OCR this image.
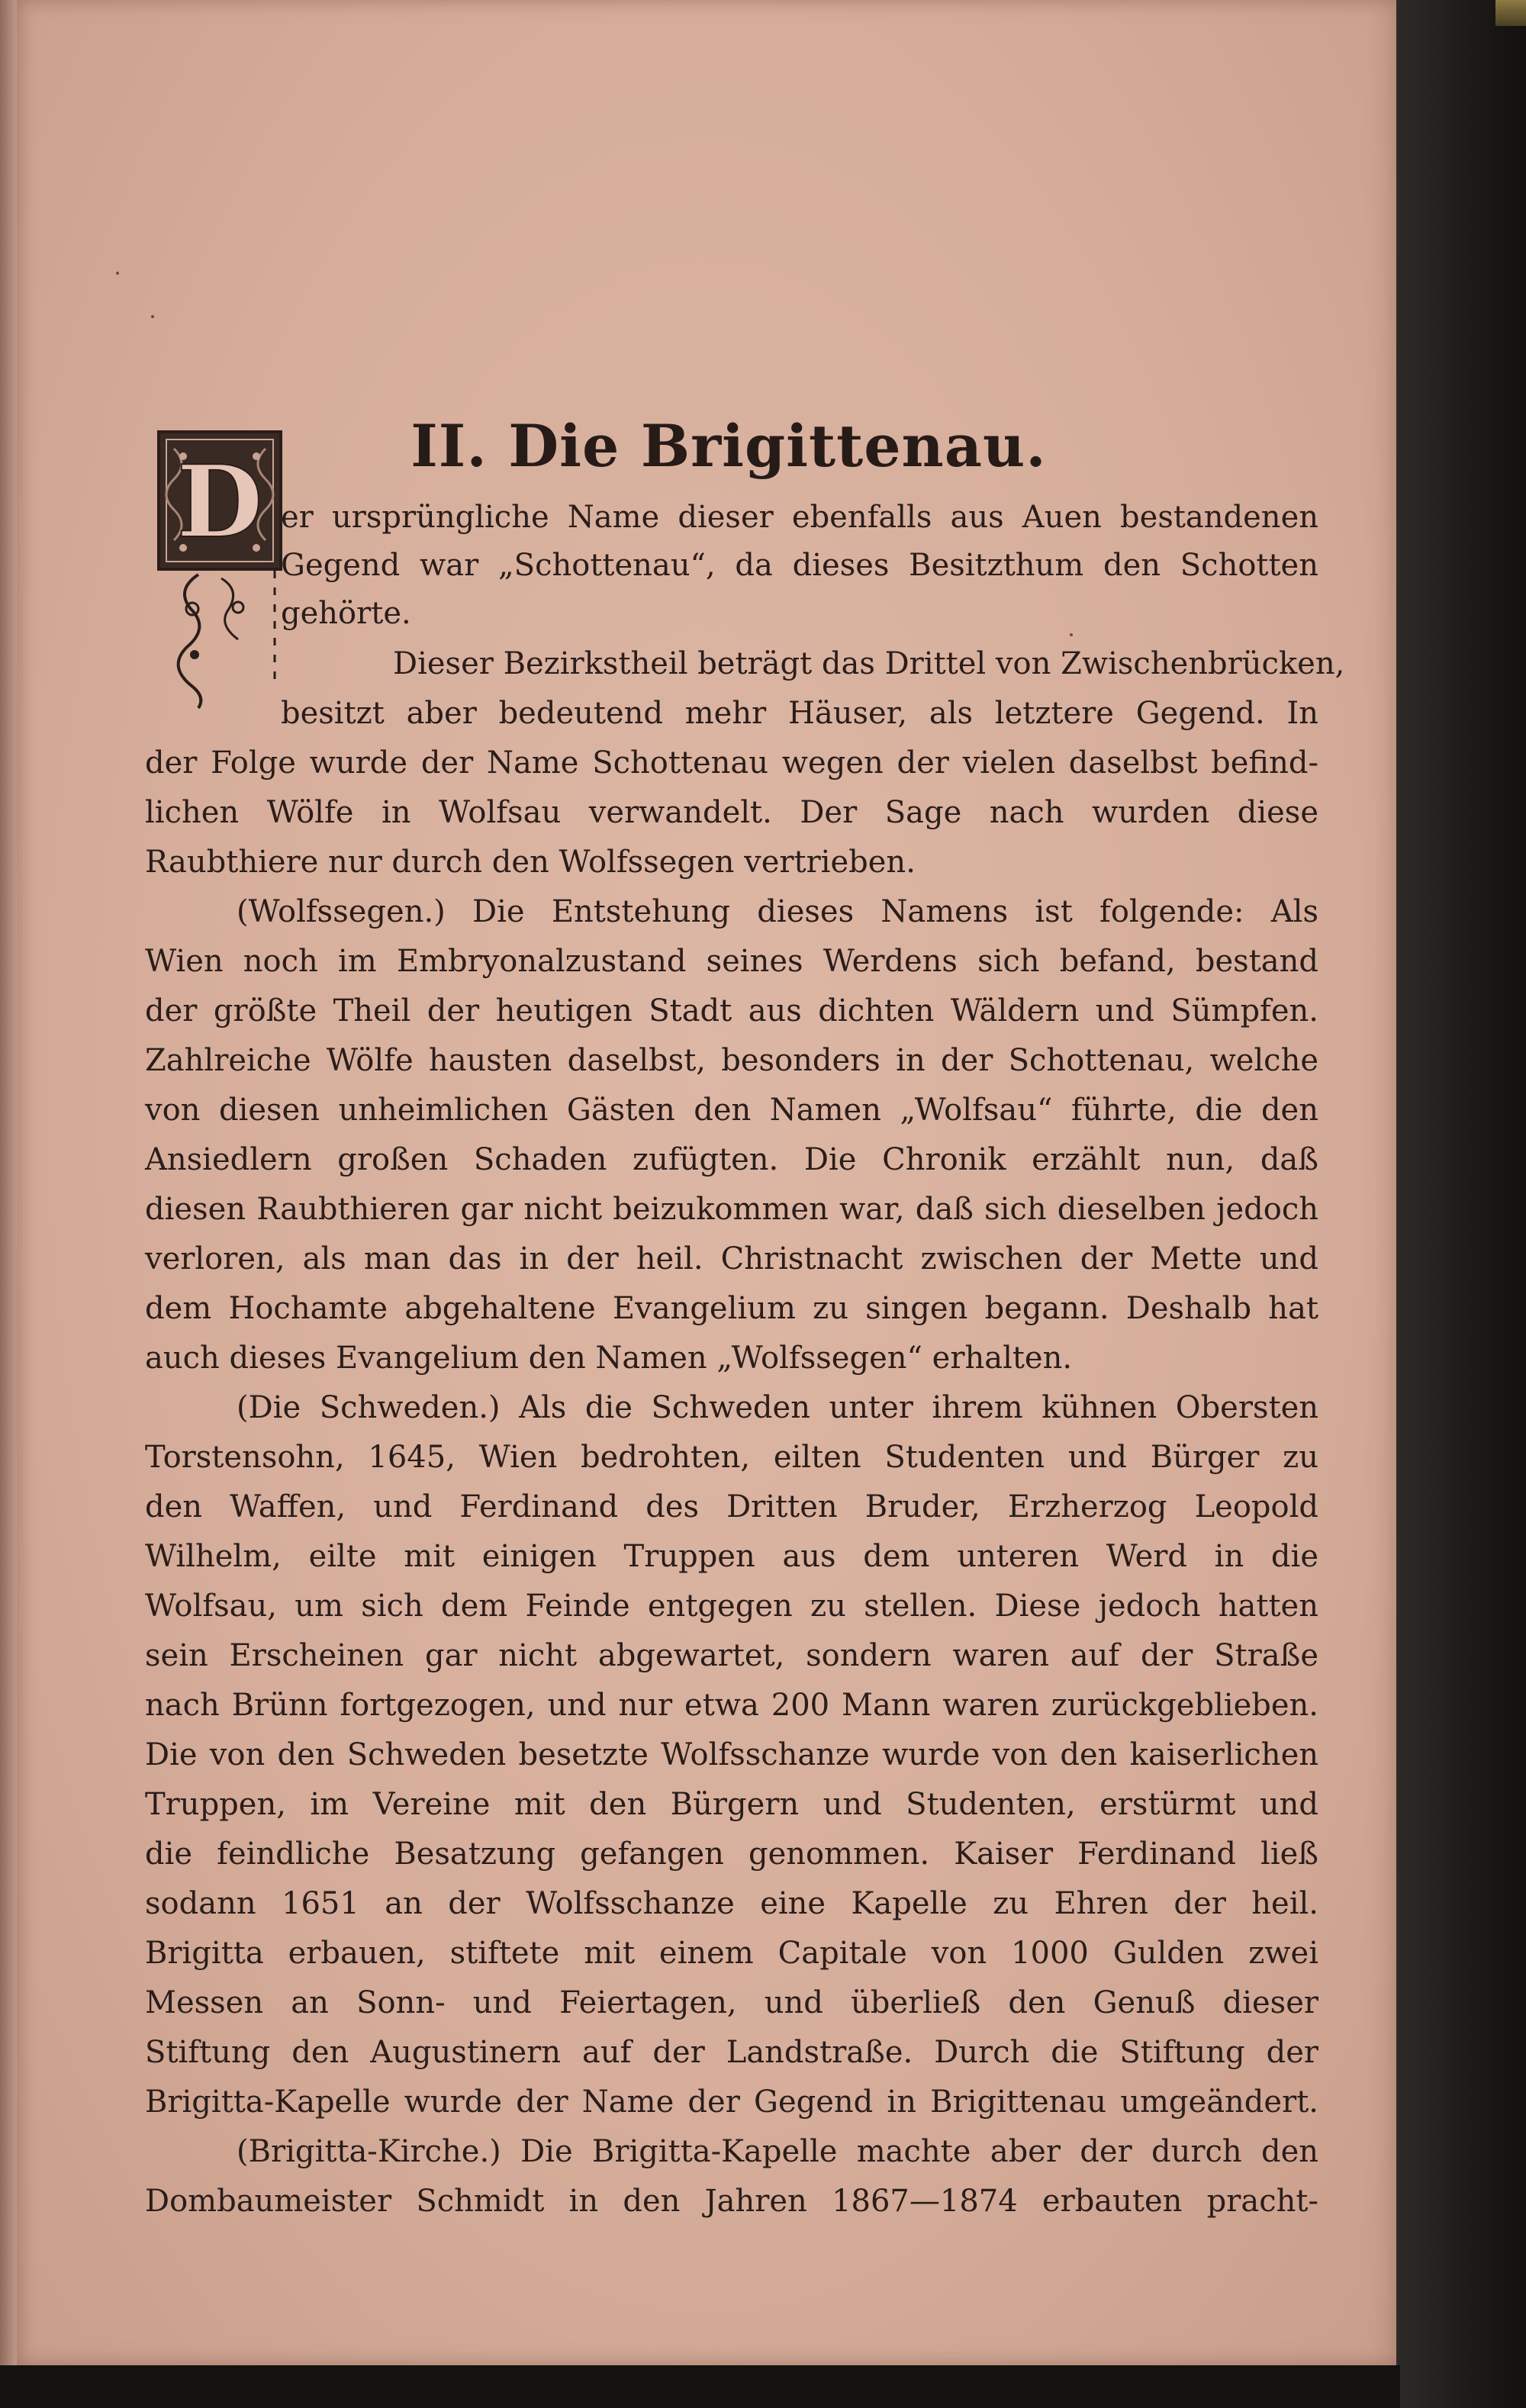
II. Die Brigittenau.
D er ursprüngliche Name dieser ebenfalls aus Auen bestandenen

Gegend war „Schottenau“, da dieses Besitzthum den Schotten

gehörte.

Dieser Bezirkstheil beträgt das Drittel von Zwischenbrücken,

besitzt aber bedeutend mehr Häuser, als letztere Gegend. In

der Folge wurde der Name Schottenau wegen der vielen daselbst befind-

lichen Wölfe in Wolfsau verwandelt. Der Sage nach wurden diese

Raubthiere nur durch den Wolfssegen vertrieben.

(Wolfssegen.) Die Entstehung dieses Namens ist folgende: Als

Wien noch im Embryonalzustand seines Werdens sich befand, bestand

der größte Theil der heutigen Stadt aus dichten Wäldern und Sümpfen.

Zahlreiche Wölfe hausten daselbst, besonders in der Schottenau, welche

von diesen unheimlichen Gästen den Namen „Wolfsau“ führte, die den

Ansiedlern großen Schaden zufügten. Die Chronik erzählt nun, daß

diesen Raubthieren gar nicht beizukommen war, daß sich dieselben jedoch

verloren, als man das in der heil. Christnacht zwischen der Mette und

dem Hochamte abgehaltene Evangelium zu singen begann. Deshalb hat

auch dieses Evangelium den Namen „Wolfssegen“ erhalten.

(Die Schweden.) Als die Schweden unter ihrem kühnen Obersten

Torstensohn, 1645, Wien bedrohten, eilten Studenten und Bürger zu

den Waffen, und Ferdinand des Dritten Bruder, Erzherzog Leopold

Wilhelm, eilte mit einigen Truppen aus dem unteren Werd in die

Wolfsau, um sich dem Feinde entgegen zu stellen. Diese jedoch hatten

sein Erscheinen gar nicht abgewartet, sondern waren auf der Straße

nach Brünn fortgezogen, und nur etwa 200 Mann waren zurückgeblieben.

Die von den Schweden besetzte Wolfsschanze wurde von den kaiserlichen

Truppen, im Vereine mit den Bürgern und Studenten, erstürmt und

die feindliche Besatzung gefangen genommen. Kaiser Ferdinand ließ

sodann 1651 an der Wolfsschanze eine Kapelle zu Ehren der heil.

Brigitta erbauen, stiftete mit einem Capitale von 1000 Gulden zwei

Messen an Sonn- und Feiertagen, und überließ den Genuß dieser

Stiftung den Augustinern auf der Landstraße. Durch die Stiftung der

Brigitta-Kapelle wurde der Name der Gegend in Brigittenau umgeändert.

(Brigitta-Kirche.) Die Brigitta-Kapelle machte aber der durch den

Dombaumeister Schmidt in den Jahren 1867—1874 erbauten pracht-
